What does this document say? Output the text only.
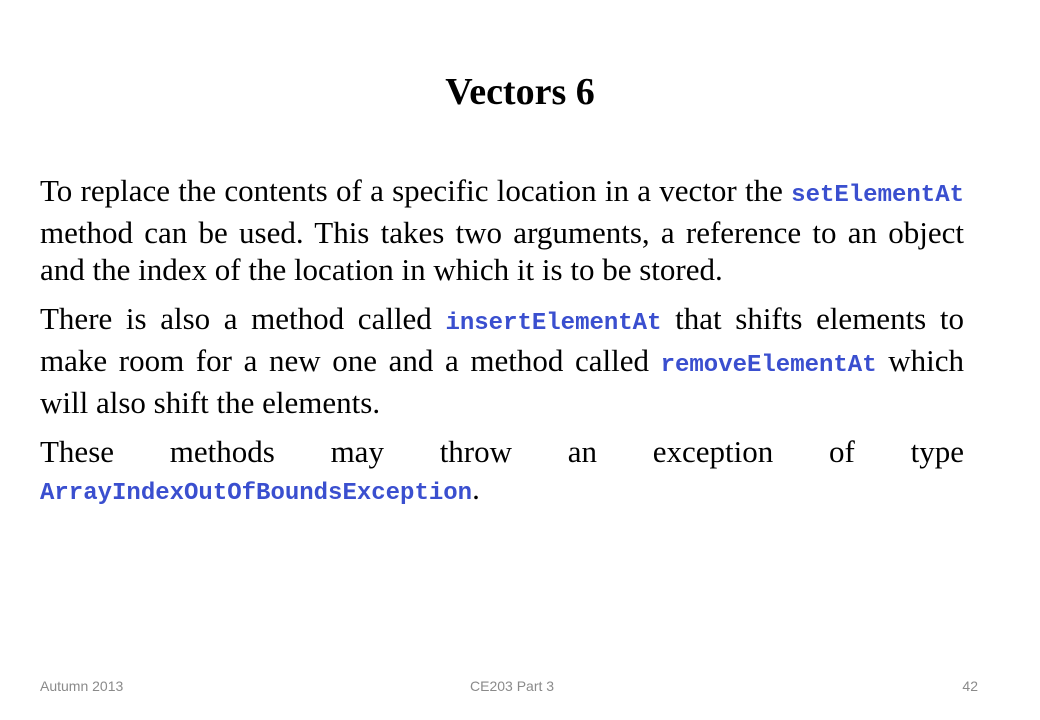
Vectors 6

To replace the contents of a specific location in a vector the setElementAt method can be used. This takes two arguments, a reference to an object and the index of the location in which it is to be stored.

There is also a method called insertElementAt that shifts elements to make room for a new one and a method called removeElementAt which will also shift the elements.

These methods may throw an exception of type
ArrayIndexOutOfBoundsException.

Autumn 2013	CE203 Part 3	42
